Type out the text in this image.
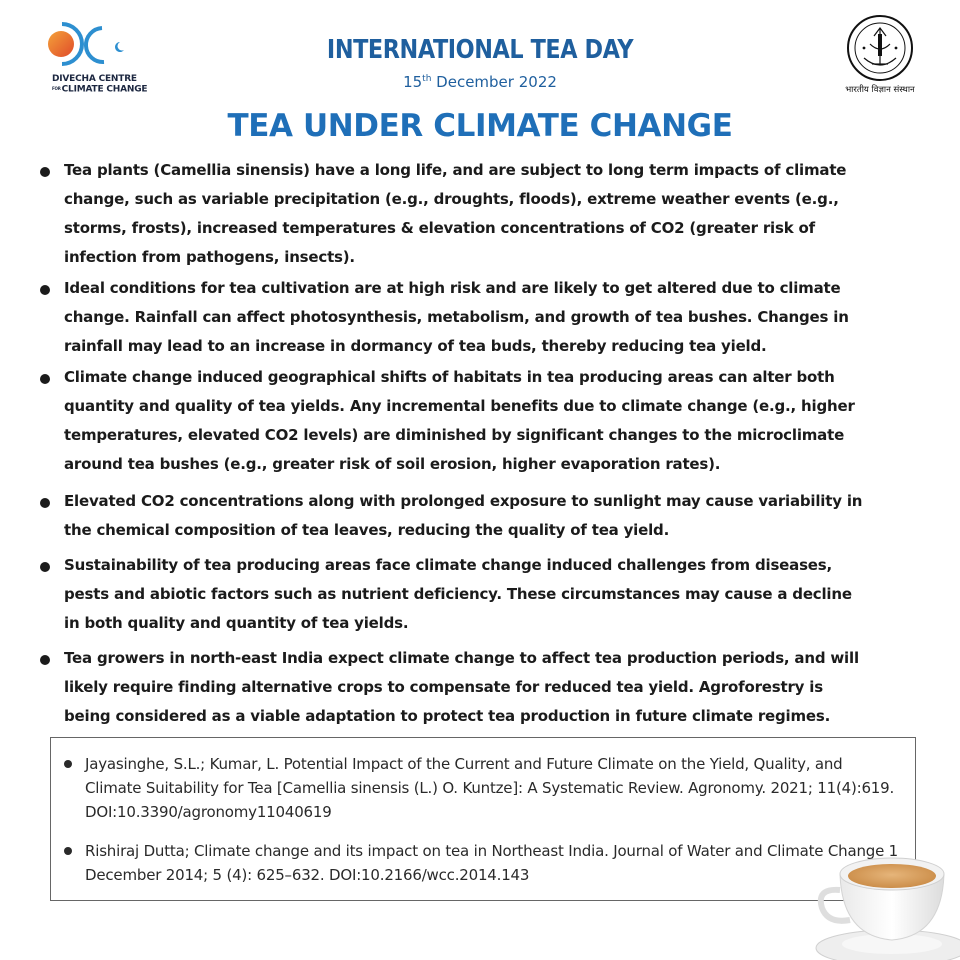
DIVECHA CENTRE
FORCLIMATE CHANGE
INTERNATIONAL TEA DAY
15th December 2022	भारतीय विज्ञान संस्थान
TEA UNDER CLIMATE CHANGE
Tea plants (Camellia sinensis) have a long life, and are subject to long term impacts of climate change, such as variable precipitation (e.g., droughts, floods), extreme weather events (e.g., storms, frosts), increased temperatures & elevation concentrations of CO2 (greater risk of infection from pathogens, insects).
Ideal conditions for tea cultivation are at high risk and are likely to get altered due to climate change. Rainfall can affect photosynthesis, metabolism, and growth of tea bushes. Changes in rainfall may lead to an increase in dormancy of tea buds, thereby reducing tea yield.
Climate change induced geographical shifts of habitats in tea producing areas can alter both quantity and quality of tea yields. Any incremental benefits due to climate change (e.g., higher temperatures, elevated CO2 levels) are diminished by significant changes to the microclimate around tea bushes (e.g., greater risk of soil erosion, higher evaporation rates).
Elevated CO2 concentrations along with prolonged exposure to sunlight may cause variability in the chemical composition of tea leaves, reducing the quality of tea yield.
Sustainability of tea producing areas face climate change induced challenges from diseases, pests and abiotic factors such as nutrient deficiency. These circumstances may cause a decline in both quality and quantity of tea yields.
Tea growers in north-east India expect climate change to affect tea production periods, and will likely require finding alternative crops to compensate for reduced tea yield. Agroforestry is being considered as a viable adaptation to protect tea production in future climate regimes.
Jayasinghe, S.L.; Kumar, L. Potential Impact of the Current and Future Climate on the Yield, Quality, and Climate Suitability for Tea [Camellia sinensis (L.) O. Kuntze]: A Systematic Review. Agronomy. 2021; 11(4):619. DOI:10.3390/agronomy11040619
Rishiraj Dutta; Climate change and its impact on tea in Northeast India. Journal of Water and Climate Change 1 December 2014; 5 (4): 625–632. DOI:10.2166/wcc.2014.143
